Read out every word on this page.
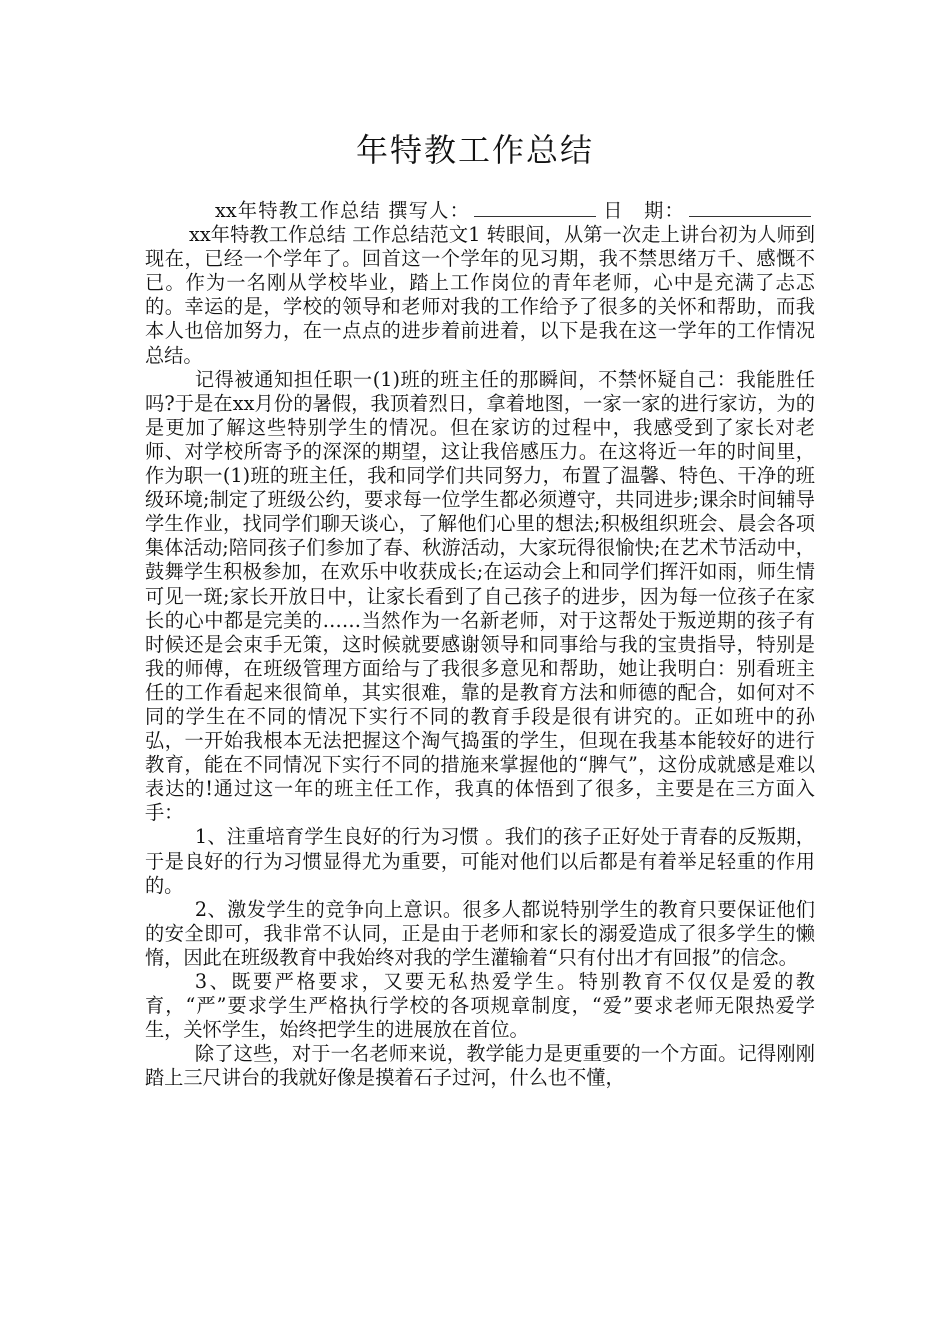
年特教工作总结

xx年特教工作总结 撰写人：	日　期：xx年特教工作总结 工作总结范文1 转眼间，从第一次走上讲台初为人师到现在，已经一个学年了。回首这一个学年的见习期，我不禁思绪万千、感慨不已。作为一名刚从学校毕业，踏上工作岗位的青年老师，心中是充满了忐忑的。幸运的是，学校的领导和老师对我的工作给予了很多的关怀和帮助，而我本人也倍加努力，在一点点的进步着前进着，以下是我在这一学年的工作情况总结。

记得被通知担任职一(1)班的班主任的那瞬间，不禁怀疑自己：我能胜任吗?于是在xx月份的暑假，我顶着烈日，拿着地图，一家一家的进行家访，为的是更加了解这些特别学生的情况。但在家访的过程中，我感受到了家长对老师、对学校所寄予的深深的期望，这让我倍感压力。在这将近一年的时间里，作为职一(1)班的班主任，我和同学们共同努力，布置了温馨、特色、干净的班级环境;制定了班级公约，要求每一位学生都必须遵守，共同进步;课余时间辅导学生作业，找同学们聊天谈心，了解他们心里的想法;积极组织班会、晨会各项集体活动;陪同孩子们参加了春、秋游活动，大家玩得很愉快;在艺术节活动中，鼓舞学生积极参加，在欢乐中收获成长;在运动会上和同学们挥汗如雨，师生情可见一斑;家长开放日中，让家长看到了自己孩子的进步，因为每一位孩子在家长的心中都是完美的……当然作为一名新老师，对于这帮处于叛逆期的孩子有时候还是会束手无策，这时候就要感谢领导和同事给与我的宝贵指导，特别是我的师傅，在班级管理方面给与了我很多意见和帮助，她让我明白：别看班主任的工作看起来很简单，其实很难，靠的是教育方法和师德的配合，如何对不同的学生在不同的情况下实行不同的教育手段是很有讲究的。正如班中的孙弘，一开始我根本无法把握这个淘气捣蛋的学生，但现在我基本能较好的进行教育，能在不同情况下实行不同的措施来掌握他的“脾气”，这份成就感是难以表达的!通过这一年的班主任工作，我真的体悟到了很多，主要是在三方面入手：

1、注重培育学生良好的行为习惯 。我们的孩子正好处于青春的反叛期，于是良好的行为习惯显得尤为重要，可能对他们以后都是有着举足轻重的作用的。

2、激发学生的竞争向上意识。很多人都说特别学生的教育只要保证他们的安全即可，我非常不认同，正是由于老师和家长的溺爱造成了很多学生的懒惰，因此在班级教育中我始终对我的学生灌输着“只有付出才有回报”的信念。

3、既要严格要求，又要无私热爱学生。特别教育不仅仅是爱的教育，“严”要求学生严格执行学校的各项规章制度，“爱”要求老师无限热爱学生，关怀学生，始终把学生的进展放在首位。

除了这些，对于一名老师来说，教学能力是更重要的一个方面。记得刚刚踏上三尺讲台的我就好像是摸着石子过河，什么也不懂，
